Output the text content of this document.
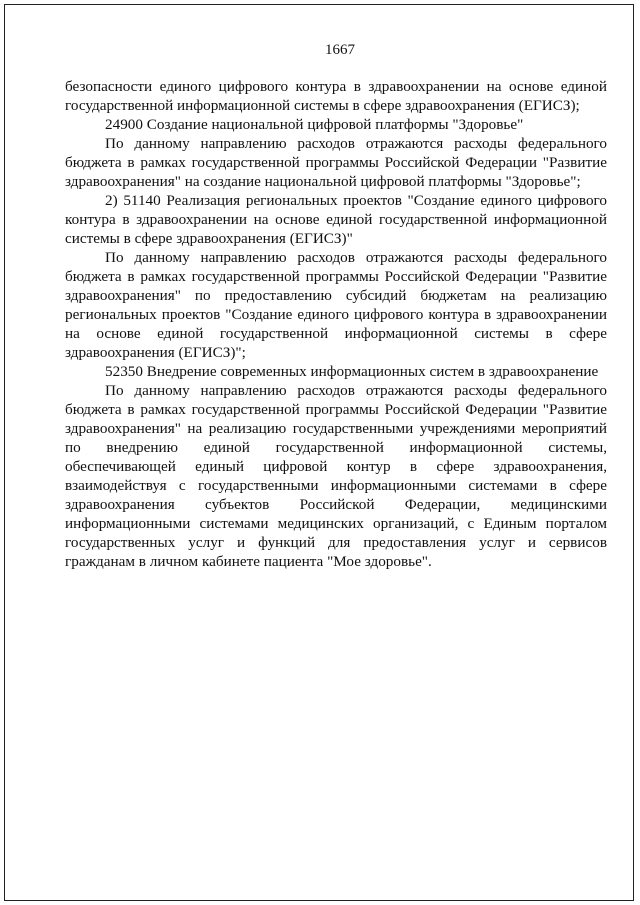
1667

безопасности единого цифрового контура в здравоохранении на основе единой государственной информационной системы в сфере здравоохранения (ЕГИСЗ);

24900 Создание национальной цифровой платформы "Здоровье"

По данному направлению расходов отражаются расходы федерального бюджета в рамках государственной программы Российской Федерации "Развитие здравоохранения" на создание национальной цифровой платформы "Здоровье";

2) 51140 Реализация региональных проектов "Создание единого цифрового контура в здравоохранении на основе единой государственной информационной системы в сфере здравоохранения (ЕГИСЗ)"

По данному направлению расходов отражаются расходы федерального бюджета в рамках государственной программы Российской Федерации "Развитие здравоохранения" по предоставлению субсидий бюджетам на реализацию региональных проектов "Создание единого цифрового контура в здравоохранении на основе единой государственной информационной системы в сфере здравоохранения (ЕГИСЗ)";

52350 Внедрение современных информационных систем в здравоохранение

По данному направлению расходов отражаются расходы федерального бюджета в рамках государственной программы Российской Федерации "Развитие здравоохранения" на реализацию государственными учреждениями мероприятий по внедрению единой государственной информационной системы, обеспечивающей единый цифровой контур в сфере здравоохранения, взаимодействуя с государственными информационными системами в сфере здравоохранения субъектов Российской Федерации, медицинскими информационными системами медицинских организаций, с Единым порталом государственных услуг и функций для предоставления услуг и сервисов гражданам в личном кабинете пациента "Мое здоровье".
